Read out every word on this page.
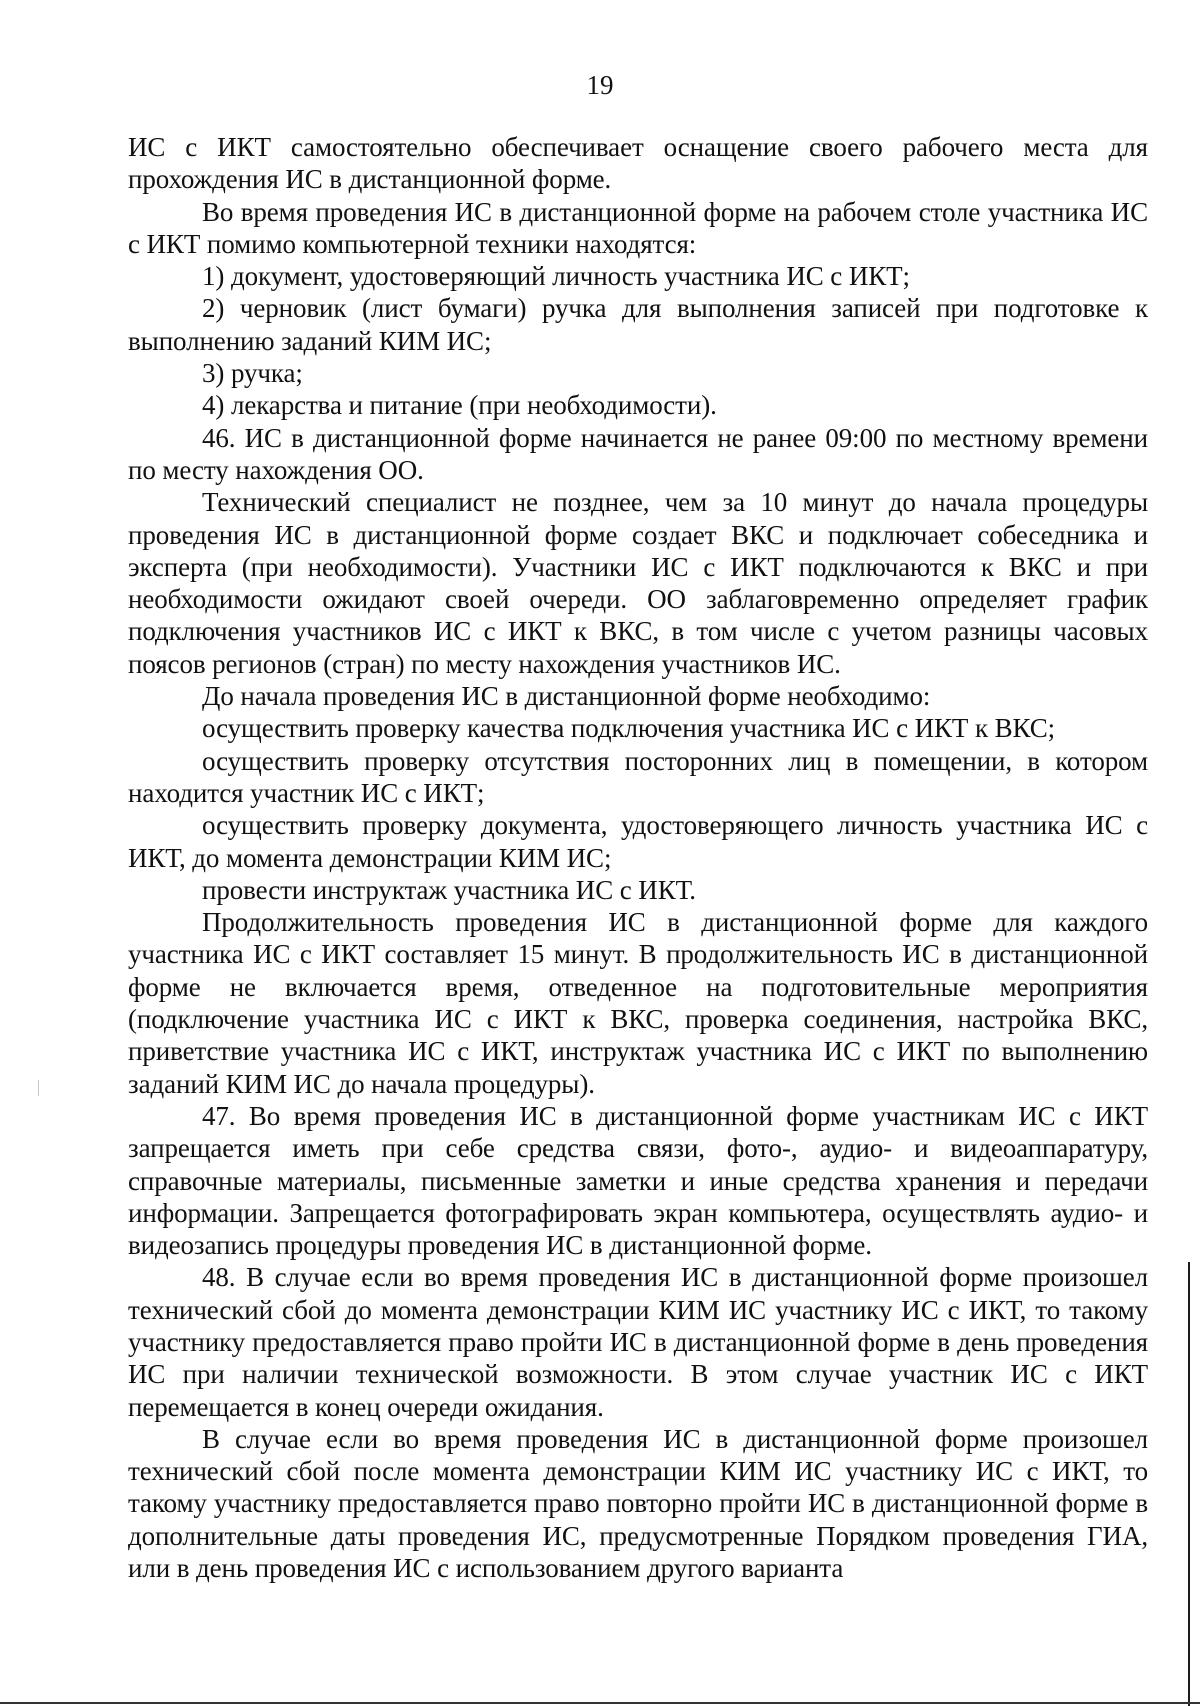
19

ИС с ИКТ самостоятельно обеспечивает оснащение своего рабочего места для прохождения ИС в дистанционной форме.

Во время проведения ИС в дистанционной форме на рабочем столе участника ИС с ИКТ помимо компьютерной техники находятся:

1) документ, удостоверяющий личность участника ИС с ИКТ;

2) черновик (лист бумаги) ручка для выполнения записей при подготовке к выполнению заданий КИМ ИС;

3) ручка;

4) лекарства и питание (при необходимости).

46. ИС в дистанционной форме начинается не ранее 09:00 по местному времени по месту нахождения ОО.

Технический специалист не позднее, чем за 10 минут до начала процедуры проведения ИС в дистанционной форме создает ВКС и подключает собеседника и эксперта (при необходимости). Участники ИС с ИКТ подключаются к ВКС и при необходимости ожидают своей очереди. ОО заблаговременно определяет график подключения участников ИС с ИКТ к ВКС, в том числе с учетом разницы часовых поясов регионов (стран) по месту нахождения участников ИС.

До начала проведения ИС в дистанционной форме необходимо:

осуществить проверку качества подключения участника ИС с ИКТ к ВКС;

осуществить проверку отсутствия посторонних лиц в помещении, в котором находится участник ИС с ИКТ;

осуществить проверку документа, удостоверяющего личность участника ИС с ИКТ, до момента демонстрации КИМ ИС;

провести инструктаж участника ИС с ИКТ.

Продолжительность проведения ИС в дистанционной форме для каждого участника ИС с ИКТ составляет 15 минут. В продолжительность ИС в дистанционной форме не включается время, отведенное на подготовительные мероприятия (подключение участника ИС с ИКТ к ВКС, проверка соединения, настройка ВКС, приветствие участника ИС с ИКТ, инструктаж участника ИС с ИКТ по выполнению заданий КИМ ИС до начала процедуры).

47. Во время проведения ИС в дистанционной форме участникам ИС с ИКТ запрещается иметь при себе средства связи, фото-, аудио- и видеоаппаратуру, справочные материалы, письменные заметки и иные средства хранения и передачи информации. Запрещается фотографировать экран компьютера, осуществлять аудио- и видеозапись процедуры проведения ИС в дистанционной форме.

48. В случае если во время проведения ИС в дистанционной форме произошел технический сбой до момента демонстрации КИМ ИС участнику ИС с ИКТ, то такому участнику предоставляется право пройти ИС в дистанционной форме в день проведения ИС при наличии технической возможности. В этом случае участник ИС с ИКТ перемещается в конец очереди ожидания.

В случае если во время проведения ИС в дистанционной форме произошел технический сбой после момента демонстрации КИМ ИС участнику ИС с ИКТ, то такому участнику предоставляется право повторно пройти ИС в дистанционной форме в дополнительные даты проведения ИС, предусмотренные Порядком проведения ГИА, или в день проведения ИС с использованием другого варианта
